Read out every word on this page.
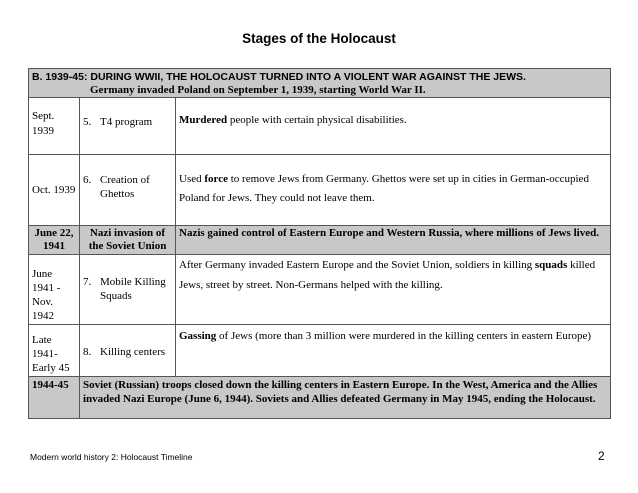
Stages of the Holocaust
B. 1939-45: DURING WWII, THE HOLOCAUST TURNED INTO A VIOLENT WAR AGAINST THE JEWS.
Germany invaded Poland on September 1, 1939, starting World War II.		

Sept. 1939	5. T4 program	Murdered people with certain physical disabilities.
Oct. 1939	6. Creation of Ghettos	Used force to remove Jews from Germany. Ghettos were set up in cities in German-occupied Poland for Jews. They could not leave them.
June 22, 1941	Nazi invasion of the Soviet Union	Nazis gained control of Eastern Europe and Western Russia, where millions of Jews lived.
June 1941 - Nov. 1942	7. Mobile Killing Squads	After Germany invaded Eastern Europe and the Soviet Union, soldiers in killing squads killed Jews, street by street. Non-Germans helped with the killing.
Late 1941- Early 45	8. Killing centers	Gassing of Jews (more than 3 million were murdered in the killing centers in eastern Europe)
1944-45	Soviet (Russian) troops closed down the killing centers in Eastern Europe. In the West, America and the Allies invaded Nazi Europe (June 6, 1944). Soviets and Allies defeated Germany in May 1945, ending the Holocaust.	
Modern world history 2: Holocaust Timeline	2
